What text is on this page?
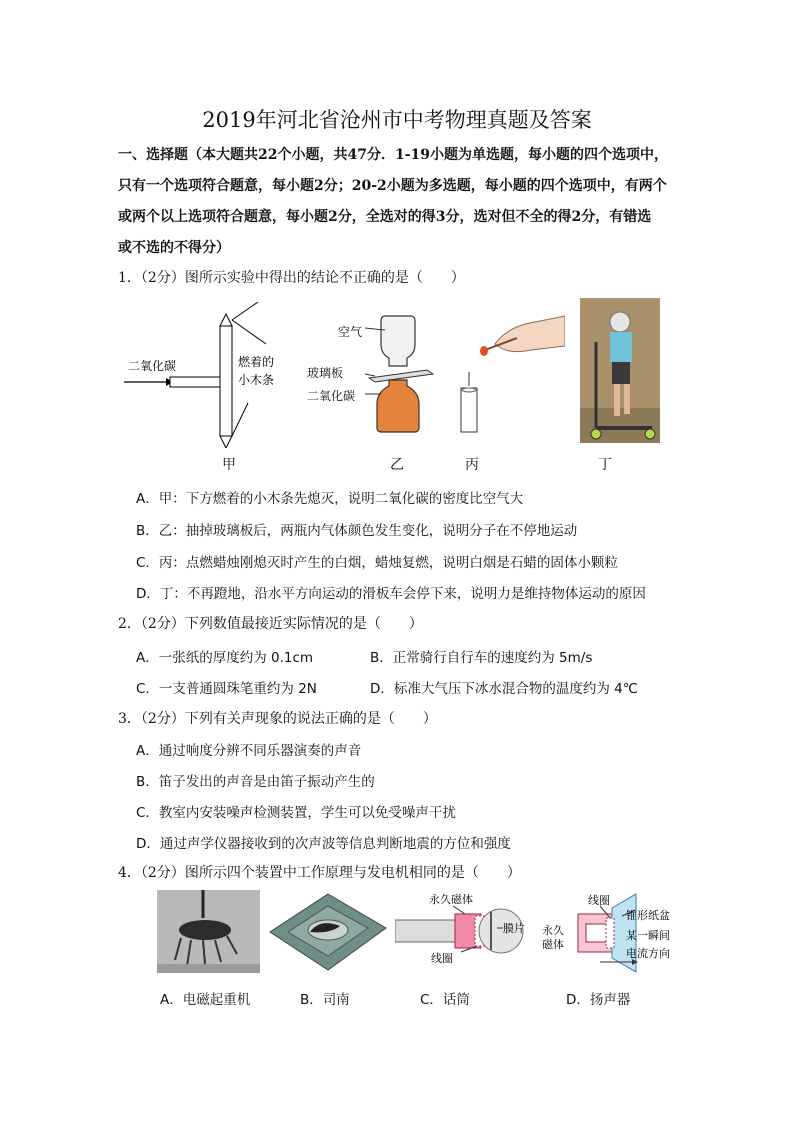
2019年河北省沧州市中考物理真题及答案
一、选择题（本大题共22个小题，共47分．1-19小题为单选题，每小题的四个选项中，
只有一个选项符合题意，每小题2分；20-2小题为多选题，每小题的四个选项中，有两个
或两个以上选项符合题意，每小题2分，全选对的得3分，选对但不全的得2分，有错选
或不选的不得分）
1．（2分）图所示实验中得出的结论不正确的是（　　）
二氧化碳	燃着的
小木条
甲
空气
玻璃板
二氧化碳
乙	丙	丁
A．甲：下方燃着的小木条先熄灭，说明二氧化碳的密度比空气大
B．乙：抽掉玻璃板后，两瓶内气体颜色发生变化，说明分子在不停地运动
C．丙：点燃蜡烛刚熄灭时产生的白烟，蜡烛复燃，说明白烟是石蜡的固体小颗粒
D．丁：不再蹬地，沿水平方向运动的滑板车会停下来，说明力是维持物体运动的原因
2．（2分）下列数值最接近实际情况的是（　　）
A．一张纸的厚度约为 0.1cm	B．正常骑行自行车的速度约为 5m/s
C．一支普通圆珠笔重约为 2N	D．标准大气压下冰水混合物的温度约为 4℃
3．（2分）下列有关声现象的说法正确的是（　　）
A．通过响度分辨不同乐器演奏的声音
B．笛子发出的声音是由笛子振动产生的
C．教室内安装噪声检测装置，学生可以免受噪声干扰
D．通过声学仪器接收到的次声波等信息判断地震的方位和强度
4．（2分）图所示四个装置中工作原理与发电机相同的是（　　）
永久磁体
膜片
线圈
线圈
永久
磁体
锥形纸盆
某一瞬间
电流方向
A．电磁起重机	B．司南	C．话筒	D．扬声器
